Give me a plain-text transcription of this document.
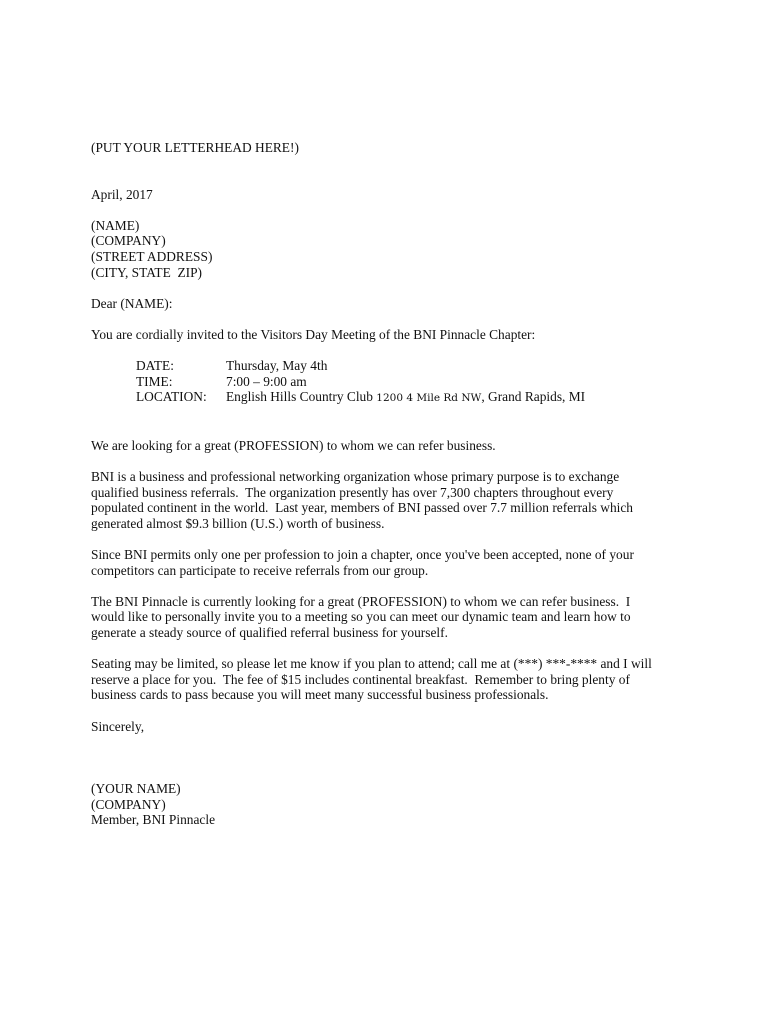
(PUT YOUR LETTERHEAD HERE!)
April, 2017
(NAME)
(COMPANY)
(STREET ADDRESS)
(CITY, STATE  ZIP)
Dear (NAME):
You are cordially invited to the Visitors Day Meeting of the BNI Pinnacle Chapter:
DATE:	Thursday, May 4th
TIME:	7:00 – 9:00 am
LOCATION:	English Hills Country Club 1200 4 Mile Rd NW, Grand Rapids, MI
We are looking for a great (PROFESSION) to whom we can refer business.
BNI is a business and professional networking organization whose primary purpose is to exchange
qualified business referrals.  The organization presently has over 7,300 chapters throughout every
populated continent in the world.  Last year, members of BNI passed over 7.7 million referrals which
generated almost $9.3 billion (U.S.) worth of business.
Since BNI permits only one per profession to join a chapter, once you've been accepted, none of your
competitors can participate to receive referrals from our group.
The BNI Pinnacle is currently looking for a great (PROFESSION) to whom we can refer business.  I
would like to personally invite you to a meeting so you can meet our dynamic team and learn how to
generate a steady source of qualified referral business for yourself.
Seating may be limited, so please let me know if you plan to attend; call me at (***) ***-**** and I will
reserve a place for you.  The fee of $15 includes continental breakfast.  Remember to bring plenty of
business cards to pass because you will meet many successful business professionals.
Sincerely,
(YOUR NAME)
(COMPANY)
Member, BNI Pinnacle
